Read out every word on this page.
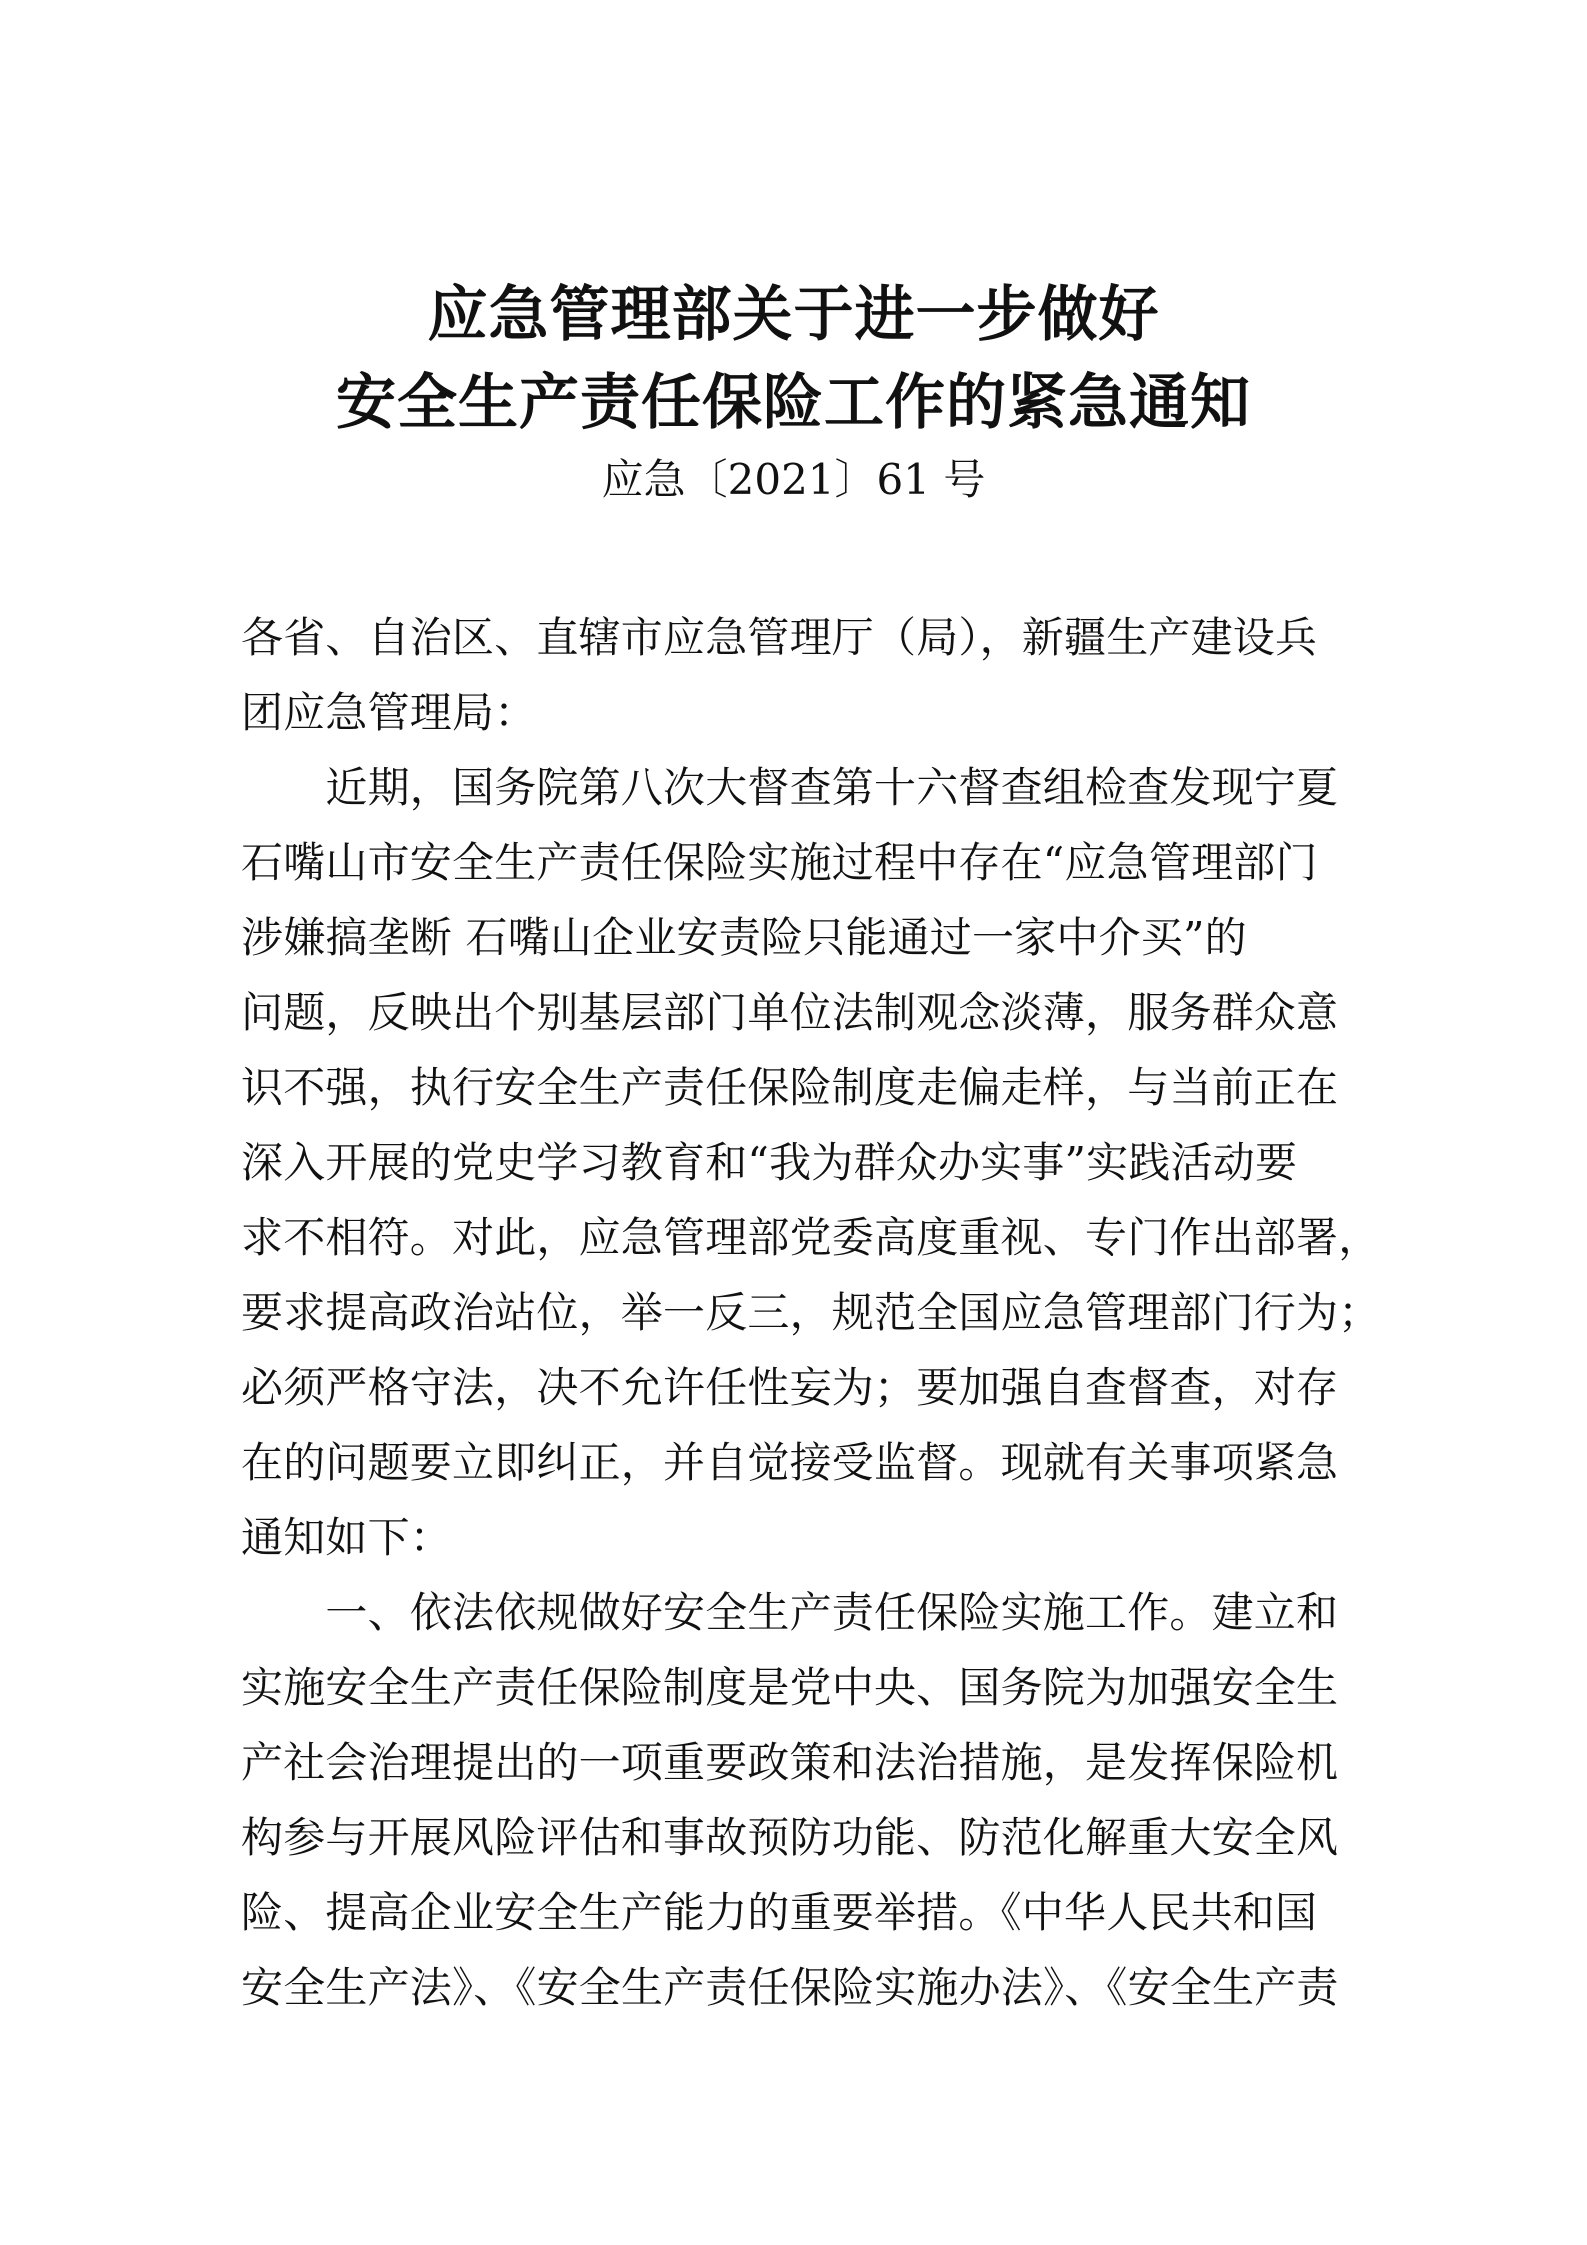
应急管理部关于进一步做好
安全生产责任保险工作的紧急通知
应急〔2021〕61 号
各省、自治区、直辖市应急管理厅（局），新疆生产建设兵
团应急管理局：
　　近期，国务院第八次大督查第十六督查组检查发现宁夏
石嘴山市安全生产责任保险实施过程中存在“应急管理部门
涉嫌搞垄断 石嘴山企业安责险只能通过一家中介买”的
问题，反映出个别基层部门单位法制观念淡薄，服务群众意
识不强，执行安全生产责任保险制度走偏走样，与当前正在
深入开展的党史学习教育和“我为群众办实事”实践活动要
求不相符。对此，应急管理部党委高度重视、专门作出部署，
要求提高政治站位，举一反三，规范全国应急管理部门行为；
必须严格守法，决不允许任性妄为；要加强自查督查，对存
在的问题要立即纠正，并自觉接受监督。现就有关事项紧急
通知如下：
　　一、依法依规做好安全生产责任保险实施工作。建立和
实施安全生产责任保险制度是党中央、国务院为加强安全生
产社会治理提出的一项重要政策和法治措施，是发挥保险机
构参与开展风险评估和事故预防功能、防范化解重大安全风
险、提高企业安全生产能力的重要举措。《中华人民共和国
安全生产法》、《安全生产责任保险实施办法》、《安全生产责
